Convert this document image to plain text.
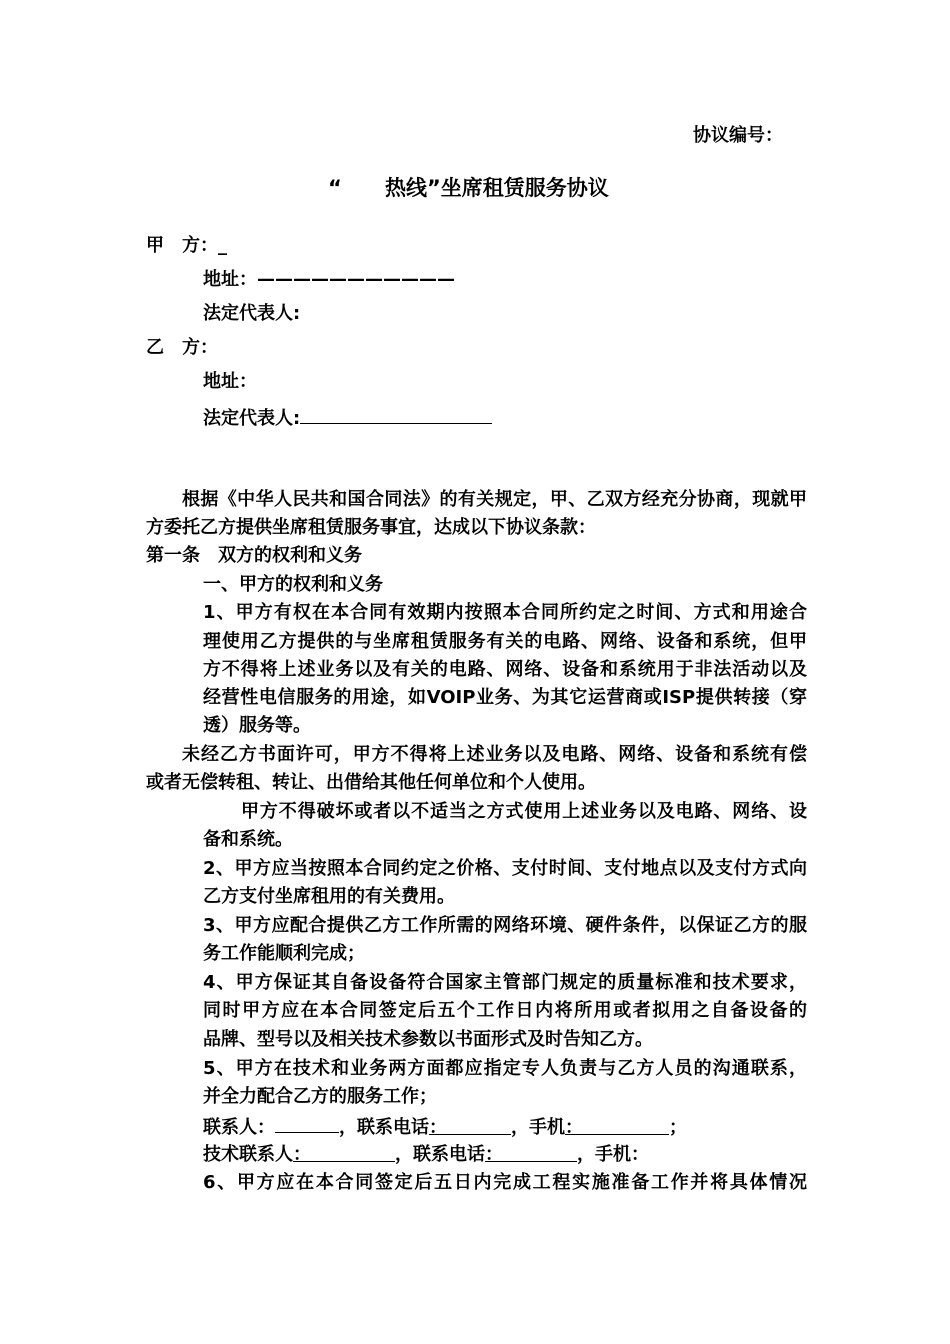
协议编号：
“ 热线”坐席租赁服务协议
甲　方：_
地址：———————————
法定代表人:
乙　方：
地址：
法定代表人:
根据《中华人民共和国合同法》的有关规定，甲、乙双方经充分协商，现就甲
方委托乙方提供坐席租赁服务事宜，达成以下协议条款：
第一条　双方的权利和义务
一、甲方的权利和义务
1、甲方有权在本合同有效期内按照本合同所约定之时间、方式和用途合
理使用乙方提供的与坐席租赁服务有关的电路、网络、设备和系统，但甲
方不得将上述业务以及有关的电路、网络、设备和系统用于非法活动以及
经营性电信服务的用途，如VOIP业务、为其它运营商或ISP提供转接（穿
透）服务等。
未经乙方书面许可，甲方不得将上述业务以及电路、网络、设备和系统有偿
或者无偿转租、转让、出借给其他任何单位和个人使用。
甲方不得破坏或者以不适当之方式使用上述业务以及电路、网络、设
备和系统。
2、甲方应当按照本合同约定之价格、支付时间、支付地点以及支付方式向
乙方支付坐席租用的有关费用。
3、甲方应配合提供乙方工作所需的网络环境、硬件条件，以保证乙方的服
务工作能顺利完成；
4、甲方保证其自备设备符合国家主管部门规定的质量标准和技术要求，
同时甲方应在本合同签定后五个工作日内将所用或者拟用之自备设备的
品牌、型号以及相关技术参数以书面形式及时告知乙方。
5、甲方在技术和业务两方面都应指定专人负责与乙方人员的沟通联系，
并全力配合乙方的服务工作；
联系人：	，联系电话：	，手机：	；
技术联系人：	，联系电话：	，手机：
6、甲方应在本合同签定后五日内完成工程实施准备工作并将具体情况
